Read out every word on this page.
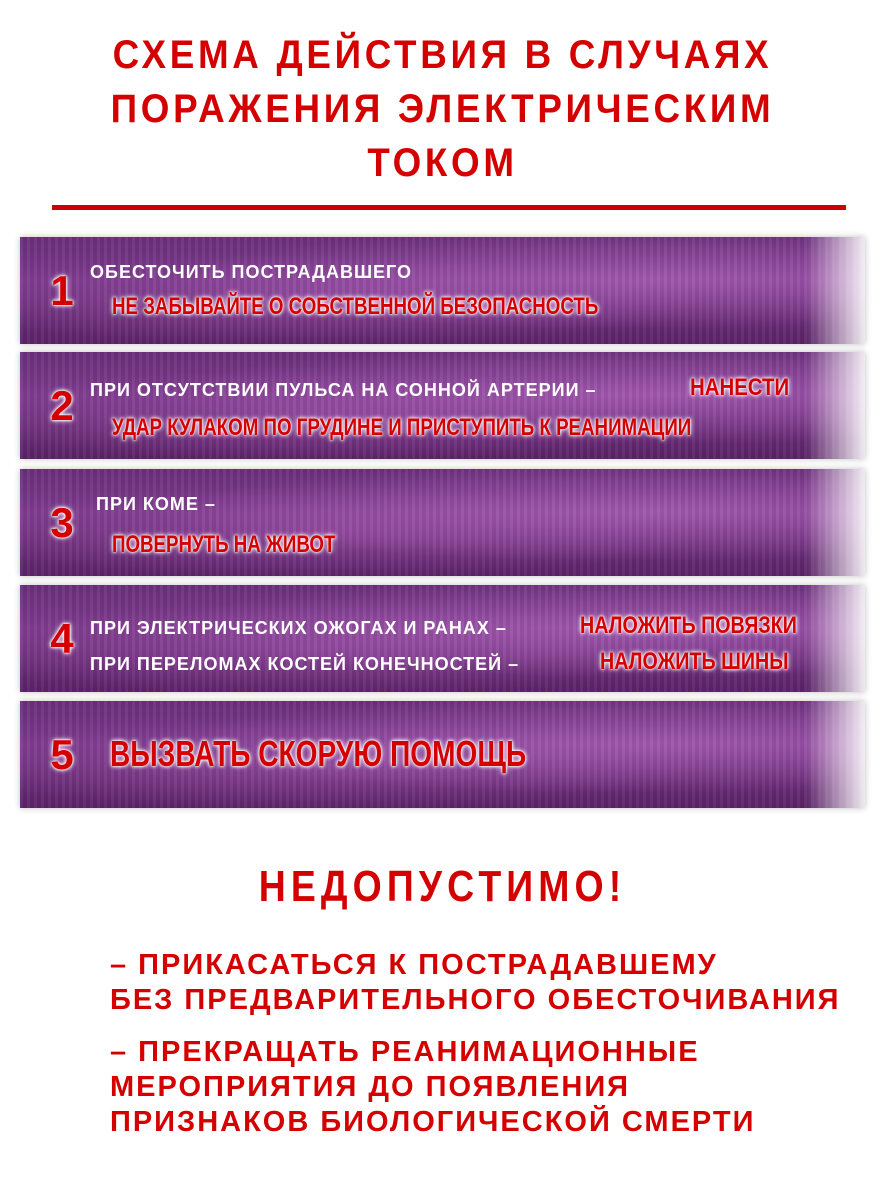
СХЕМА ДЕЙСТВИЯ В СЛУЧАЯХ
ПОРАЖЕНИЯ ЭЛЕКТРИЧЕСКИМ
ТОКОМ
1 ОБЕСТОЧИТЬ ПОСТРАДАВШЕГО
НЕ ЗАБЫВАЙТЕ О СОБСТВЕННОЙ БЕЗОПАСНОСТЬ
2 ПРИ ОТСУТСТВИИ ПУЛЬСА НА СОННОЙ АРТЕРИИ –	НАНЕСТИ
УДАР КУЛАКОМ ПО ГРУДИНЕ И ПРИСТУПИТЬ К РЕАНИМАЦИИ
3	ПРИ КОМЕ –
ПОВЕРНУТЬ НА ЖИВОТ
4 ПРИ ЭЛЕКТРИЧЕСКИХ ОЖОГАХ И РАНАХ –	НАЛОЖИТЬ ПОВЯЗКИ
ПРИ ПЕРЕЛОМАХ КОСТЕЙ КОНЕЧНОСТЕЙ –	НАЛОЖИТЬ ШИНЫ
5 ВЫЗВАТЬ СКОРУЮ ПОМОЩЬ
НЕДОПУСТИМО!
– ПРИКАСАТЬСЯ К ПОСТРАДАВШЕМУ
БЕЗ ПРЕДВАРИТЕЛЬНОГО ОБЕСТОЧИВАНИЯ
– ПРЕКРАЩАТЬ РЕАНИМАЦИОННЫЕ
МЕРОПРИЯТИЯ ДО ПОЯВЛЕНИЯ
ПРИЗНАКОВ БИОЛОГИЧЕСКОЙ СМЕРТИ
